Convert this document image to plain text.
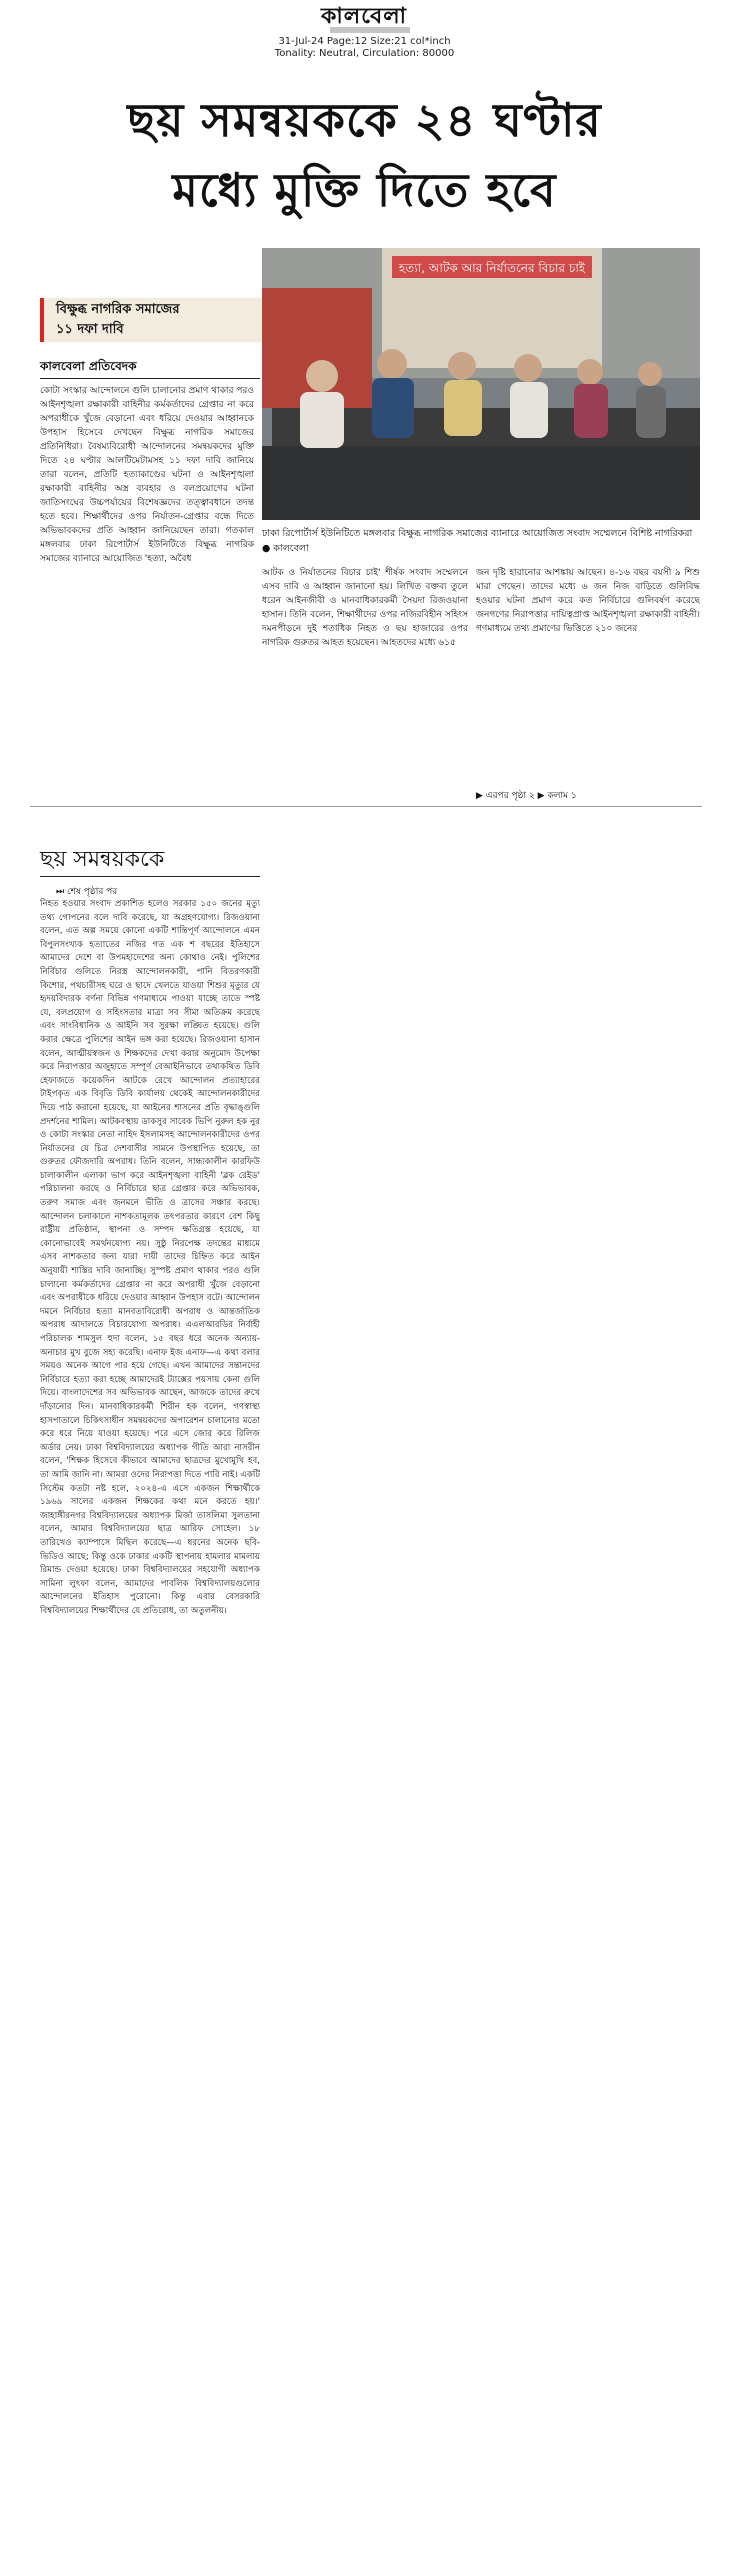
কালবেলা
31-Jul-24 Page:12 Size:21 col*inch
Tonality: Neutral, Circulation: 80000
ছয় সমন্বয়ককে ২৪ ঘণ্টার
মধ্যে মুক্তি দিতে হবে
বিক্ষুব্ধ নাগরিক সমাজের
১১ দফা দাবি
কালবেলা প্রতিবেদক
কোটা সংস্কার আন্দোলনে গুলি চালানোর প্রমাণ থাকার পরও আইনশৃঙ্খলা রক্ষাকারী বাহিনীর কর্মকর্তাদের গ্রেপ্তার না করে অপরাধীকে খুঁজে বেড়ানো এবং ধরিয়ে দেওয়ার আহ্বানকে উপহাস হিসেবে দেখছেন বিক্ষুব্ধ নাগরিক সমাজের প্রতিনিধিরা। বৈষম্যবিরোধী আন্দোলনের সমন্বয়কদের মুক্তি দিতে ২৪ ঘণ্টার আলটিমেটামসহ ১১ দফা দাবি জানিয়ে তারা বলেন, প্রতিটি হত্যাকাণ্ডের ঘটনা ও আইনশৃঙ্খলা রক্ষাকারী বাহিনীর অস্ত্র ব্যবহার ও বলপ্রয়োগের ঘটনা জাতিসংঘের উচ্চপর্যায়ের বিশেষজ্ঞদের তত্ত্বাবধানে তদন্ত হতে হবে। শিক্ষার্থীদের ওপর নির্যাতন-গ্রেপ্তার বন্ধে দিতে অভিভাবকদের প্রতি আহ্বান জানিয়েছেন তারা। গতকাল মঙ্গলবার ঢাকা রিপোর্টার্স ইউনিটিতে বিক্ষুব্ধ নাগরিক সমাজের ব্যানারে আয়োজিত 'হত্যা, অবৈধ
হত্যা, আটক আর নির্যাতনের বিচার চাই
ঢাকা রিপোর্টার্স ইউনিটিতে মঙ্গলবার বিক্ষুব্ধ নাগরিক সমাজের ব্যানারে আয়োজিত সংবাদ সম্মেলনে বিশিষ্ট নাগরিকরা ● কালবেলা
আটক ও নির্যাতনের বিচার চাই' শীর্ষক সংবাদ সম্মেলনে এসব দাবি ও আহ্বান জানানো হয়। লিখিত বক্তব্য তুলে ধরেন আইনজীবী ও মানবাধিকারকর্মী সৈয়দা রিজওয়ানা হাসান। তিনি বলেন, শিক্ষার্থীদের ওপর নজিরবিহীন সহিংস দমনপীড়নে দুই শতাধিক নিহত ও ছয় হাজারের ওপর নাগরিক গুরুতর আহত হয়েছেন। আহতদের মধ্যে ৬১৫
জন দৃষ্টি হারানোর আশঙ্কায় আছেন। ৪-১৬ বছর বয়সী ৯ শিশু মারা গেছেন। তাদের মধ্যে ৬ জন নিজ বাড়িতে গুলিবিদ্ধ হওয়ার ঘটনা প্রমাণ করে কত নির্বিচারে গুলিবর্ষণ করেছে জনগণের নিরাপত্তার দায়িত্বপ্রাপ্ত আইনশৃঙ্খলা রক্ষাকারী বাহিনী। গণমাধ্যমে তথ্য প্রমাণের ভিত্তিতে ২১০ জনের
▶ এরপর পৃষ্ঠা ২ ▶ কলাম ১
ছয় সমন্বয়ককে
⏭ শেষ পৃষ্ঠার পর
নিহত হওয়ার সংবাদ প্রকাশিত হলেও সরকার ১৫০ জনের মৃত্যু তথ্য গোপনের বলে দাবি করেছে, যা অগ্রহণযোগ্য। রিজওয়ানা বলেন, এত অল্প সময়ে কোনো একটি শান্তিপূর্ণ আন্দোলনে এমন বিপুলসংখ্যক হত্যাতের নজির গত এক শ বছরের ইতিহাসে আমাদের দেশে বা উপমহাদেশের অন্য কোথাও নেই। পুলিশের নির্বিচার গুলিতে নিরস্ত্র আন্দোলনকারী, পানি বিতরণকারী কিশোর, পথচারীসহ ঘরে ও ছাদে খেলতে যাওয়া শিশুর মৃত্যুর যে হৃদয়বিদারক বর্ণনা বিভিন্ন গণমাধ্যমে পাওয়া যাচ্ছে তাতে স্পষ্ট যে, বলপ্রয়োগ ও সহিংসতার মাত্রা সব সীমা অতিক্রম করেছে এবং সাংবিধানিক ও আইনি সব সুরক্ষা লঙ্ঘিত হয়েছে। গুলি করার ক্ষেত্রে পুলিশের আইন ভঙ্গ করা হয়েছে। রিজওয়ানা হাসান বলেন, আত্মীয়স্বজন ও শিক্ষকদের দেখা করার অনুমোদ উপেক্ষা করে নিরাপত্তার অজুহাতে সম্পূর্ণ বেআইনিভাবে তথাকথিত ডিবি হেফাজতে কয়েকদিন আটকে রেখে আন্দোলন প্রত্যাহারের টাইপকৃত এক বিবৃতি ডিবি কার্যালয় থেকেই আন্দোলনকারীদের দিয়ে পাঠ করানো হয়েছে, যা আইনের শাসনের প্রতি বৃদ্ধাঙ্গুলি প্রদর্শনের শামিল। আটকবস্থায় ডাকসুর সাবেক ভিপি নুরুল হক নুর ও কোটা সংস্কার নেতা নাহিদ ইসলামসহ আন্দোলনকারীদের ওপর নির্যাতনের যে চিত্র দেশবাসীর সামনে উপস্থাপিত হয়েছে, তা গুরুতর ফৌজদারি অপরাধ। তিনি বলেন, সান্ধ্যকালীন কারফিউ চালাকালীন এলাকা ভাগ করে আইনশৃঙ্খলা বাহিনী 'ব্লক রেইড' পরিচালনা করছে ও নির্বিচারে ছাত্র গ্রেপ্তার করে অভিভাবক, তরুণ সমাজ এবং জনমনে ভীতি ও ত্রাসের সঞ্চার করছে। আন্দোলন চলাকালে নাশকতামূলক তৎপরতার কারণে বেশ কিছু রাষ্ট্রীয় প্রতিষ্ঠান, স্থাপনা ও সম্পদ ক্ষতিগ্রস্ত হয়েছে, যা কোনোভাবেই সমর্থনযোগ্য নয়। সুষ্ঠু নিরপেক্ষ তদন্তের মাধ্যমে এসব নাশকতার জন্য যারা দায়ী তাদের চিহ্নিত করে আইন অনুযায়ী শাস্তির দাবি জানাচ্ছি। সুস্পষ্ট প্রমাণ থাকার পরও গুলি চালানো কর্মকর্তাদের গ্রেপ্তার না করে অপরাধী খুঁজে বেড়ানো এবং অপরাধীকে ধরিয়ে দেওয়ার আহ্বান উপহাস বটে। আন্দোলন দমনে নির্বিচার হত্যা মানবতাবিরোধী অপরাধ ও আন্তর্জাতিক অপরাধ আদালতে বিচারযোগ্য অপরাধ। এএলআরডির নির্বাহী পরিচালক শামসুল হুদা বলেন, ১৫ বছর ধরে অনেক অন্যায়-অনাচার মুখ বুজে সহ্য করেছি। এনাফ ইজ এনাফ—এ কথা বলার সময়ও অনেক আগে পার হয়ে গেছে। এখন আমাদের সন্তানদের নির্বিচারে হত্যা করা হচ্ছে আমাদেরই ট্যাক্সের পয়সায় কেনা গুলি দিয়ে। বাংলাদেশের সব অভিভাবক আছেন, আজকে তাদের রুখে দাঁড়ানোর দিন। মানবাধিকারকর্মী শিরীন হক বলেন, গণস্বাস্থ্য হাসপাতালে চিকিৎসাধীন সমন্বয়কদের অপারেশন চালানোর মতো করে ধরে নিয়ে যাওয়া হয়েছে। পরে এসে জোর করে রিলিজ অর্ডার নেয়। ঢাকা বিশ্ববিদ্যালয়ের অধ্যাপক গীতি আরা নাসরীন বলেন, 'শিক্ষক হিসেবে কীভাবে আমাদের ছাত্রদের মুখোমুখি হব, তা আমি জানি না। আমরা ওদের নিরাপত্তা দিতে পারি নাই। একটি সিস্টেম কতটা নষ্ট হলে, ২০২৪-এ এসে একজন শিক্ষার্থীকে ১৯৬৯ সালের একজন শিক্ষকের কথা মনে করতে হয়।' জাহাঙ্গীরনগর বিশ্ববিদ্যালয়ের অধ্যাপক মির্জা তাসলিমা সুলতানা বলেন, আমার বিশ্ববিদ্যালয়ের ছাত্র আরিফ সোহেল। ১৮ তারিখেও ক্যাম্পাসে মিছিল করেছে—এ ধরনের অনেক ছবি-ভিডিও আছে; কিন্তু ওকে ঢাকার একটি স্থাপনায় হামলার মামলায় রিমান্ড দেওয়া হয়েছে। ঢাকা বিশ্ববিদ্যালয়ের সহযোগী অধ্যাপক সামিনা লুৎফা বলেন, আমাদের পাবলিক বিশ্ববিদ্যালয়গুলোর আন্দোলনের ইতিহাস পুরোনো। কিন্তু এবার বেসরকারি বিশ্ববিদ্যালয়ের শিক্ষার্থীদের যে প্রতিরোধ, তা অতুলনীয়।
